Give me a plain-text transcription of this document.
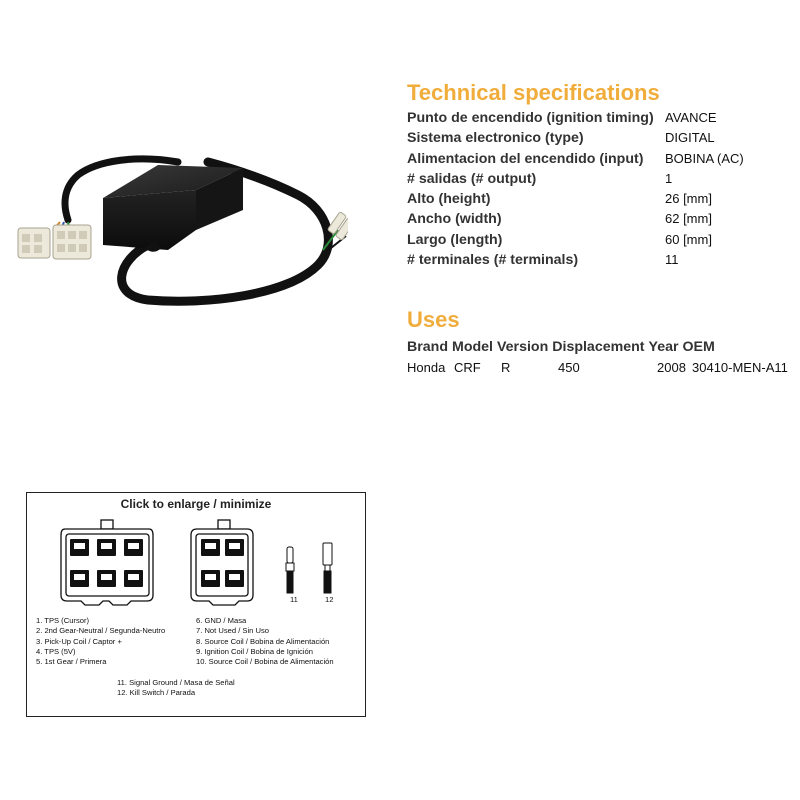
Technical specifications
Punto de encendido (ignition timing) AVANCE
Sistema electronico (type)	DIGITAL
Alimentacion del encendido (input)	BOBINA (AC)
# salidas (# output)	1
Alto (height)	26 [mm]
Ancho (width)	62 [mm]
Largo (length)	60 [mm]
# terminales (# terminals)	11
Uses
Brand Model Version Displacement Year OEM
Honda CRF R	450	2008 30410-MEN-A11
Click to enlarge / minimize
11	12
1. TPS (Cursor)
2. 2nd Gear-Neutral / Segunda-Neutro
3. Pick-Up Coil / Captor +
4. TPS (5V)
5. 1st Gear / Primera
6. GND / Masa
7. Not Used / Sin Uso
8. Source Coil / Bobina de Alimentación
9. Ignition Coil / Bobina de Ignición
10. Source Coil / Bobina de Alimentación
11. Signal Ground / Masa de Señal
12. Kill Switch / Parada
